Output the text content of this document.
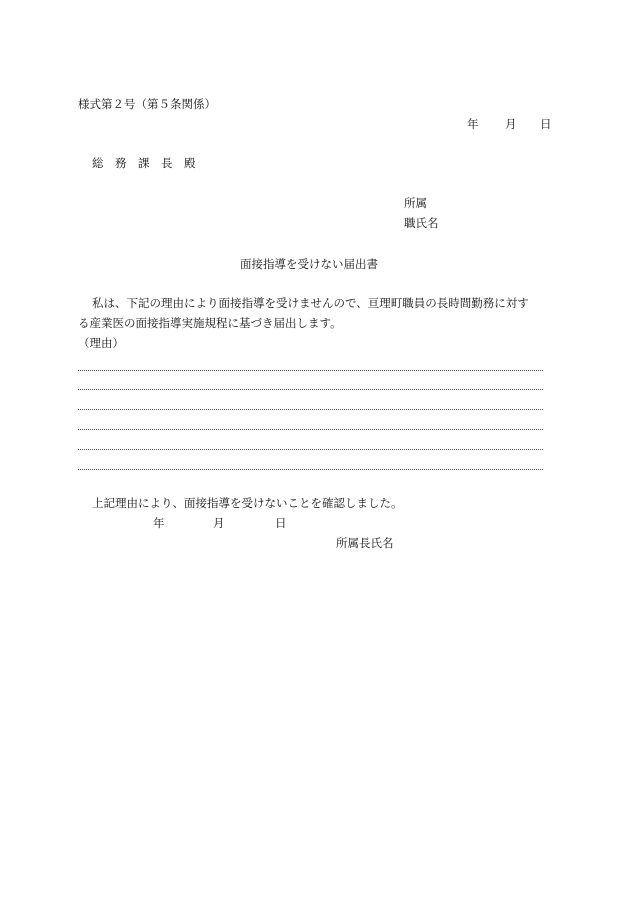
様式第２号（第５条関係）
年 月 日
総　務　課　長　殿
所属
職氏名
面接指導を受けない届出書
私は、下記の理由により面接指導を受けませんので、亘理町職員の長時間勤務に対す
る産業医の面接指導実施規程に基づき届出します。
（理由）
上記理由により、面接指導を受けないことを確認しました。
年	月	日
所属長氏名
